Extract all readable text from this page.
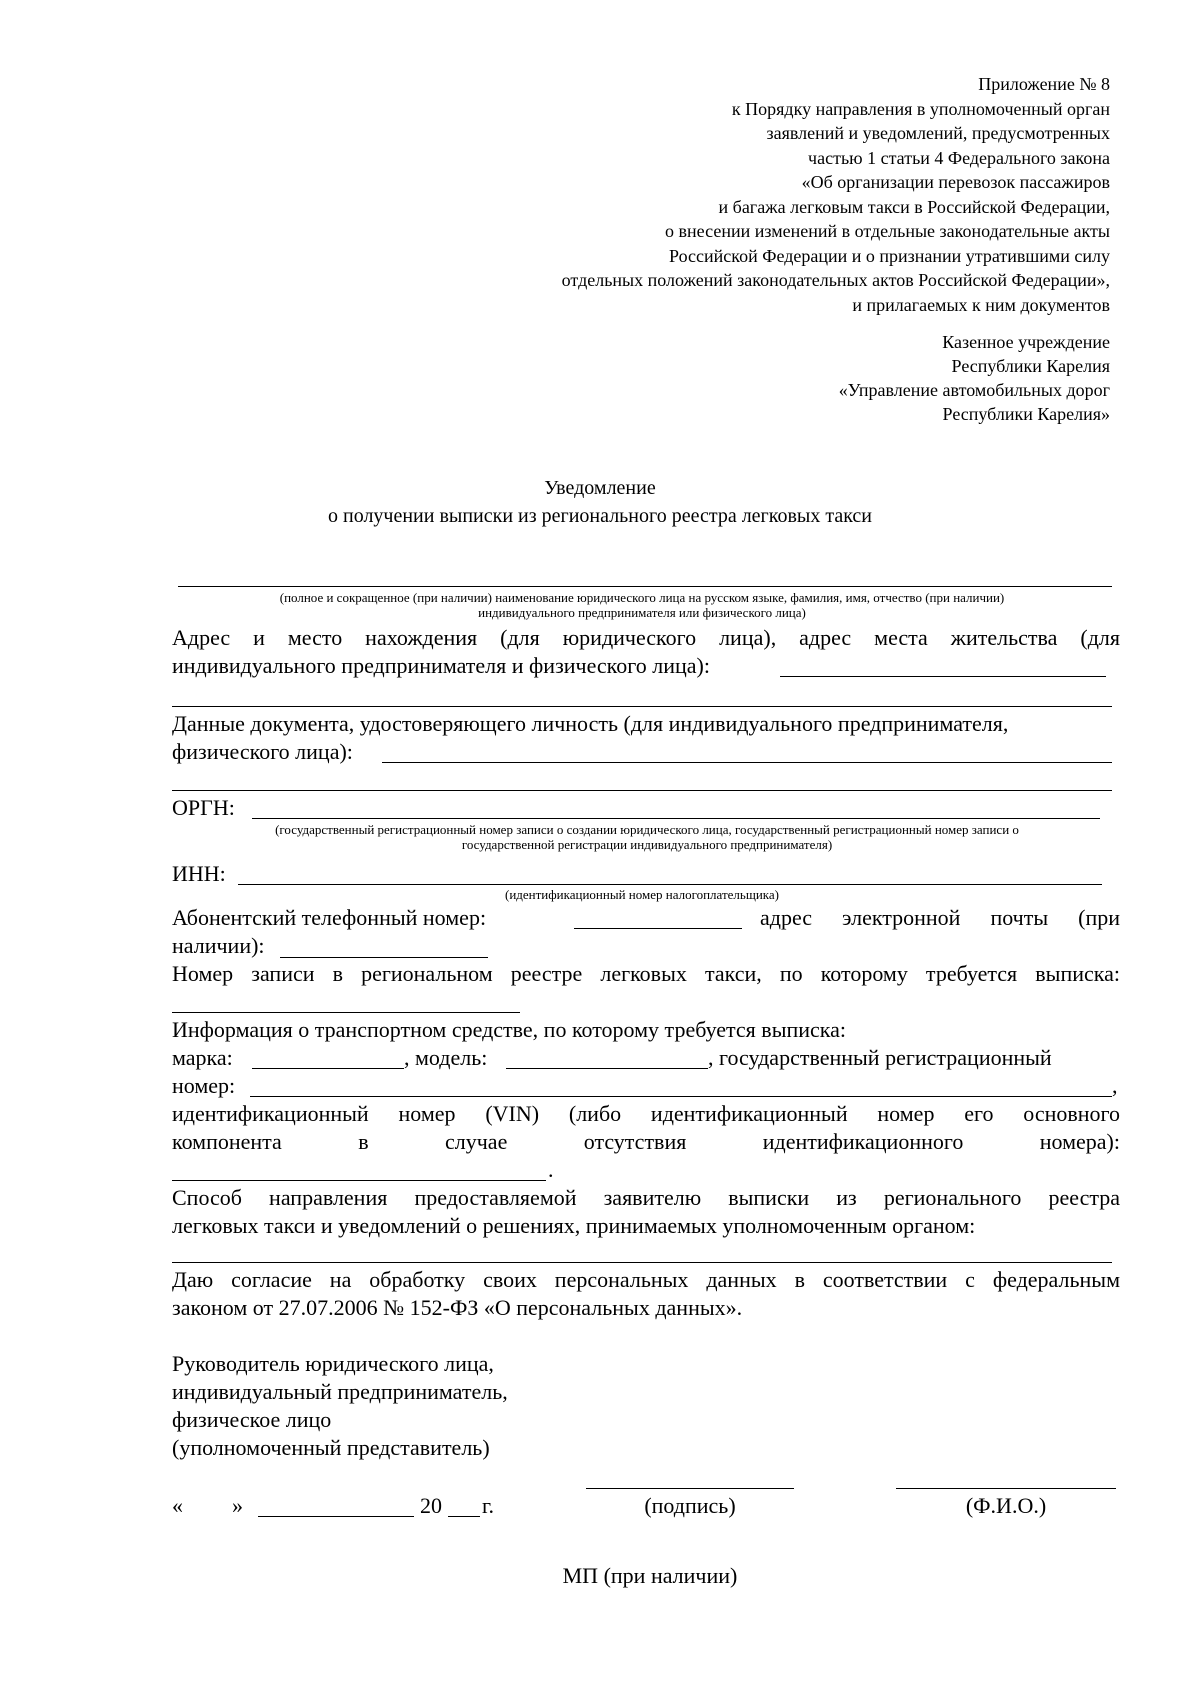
Приложение № 8
к Порядку направления в уполномоченный орган
заявлений и уведомлений, предусмотренных
частью 1 статьи 4 Федерального закона
«Об организации перевозок пассажиров
и багажа легковым такси в Российской Федерации,
о внесении изменений в отдельные законодательные акты
Российской Федерации и о признании утратившими силу
отдельных положений законодательных актов Российской Федерации»,
и прилагаемых к ним документов
Казенное учреждение
Республики Карелия
«Управление автомобильных дорог
Республики Карелия»
Уведомление
о получении выписки из регионального реестра легковых такси
(полное и сокращенное (при наличии) наименование юридического лица на русском языке, фамилия, имя, отчество (при наличии)
индивидуального предпринимателя или физического лица)
Адрес и место нахождения (для юридического лица), адрес места жительства (для
индивидуального предпринимателя и физического лица):
Данные документа, удостоверяющего личность (для индивидуального предпринимателя,
физического лица):
ОРГН:
(государственный регистрационный номер записи о создании юридического лица, государственный регистрационный номер записи о
государственной регистрации индивидуального предпринимателя)
ИНН:
(идентификационный номер налогоплательщика)
Абонентский телефонный номер:	адрес электронной почты (при
наличии):
Номер записи в региональном реестре легковых такси, по которому требуется выписка:
Информация о транспортном средстве, по которому требуется выписка:
марка:	, модель:	, государственный регистрационный
номер:	,
идентификационный номер (VIN) (либо идентификационный номер его основного
компонента в случае отсутствия идентификационного номера):
.
Способ направления предоставляемой заявителю выписки из регионального реестра
легковых такси и уведомлений о решениях, принимаемых уполномоченным органом:
Даю согласие на обработку своих персональных данных в соответствии с федеральным
законом от 27.07.2006 № 152-ФЗ «О персональных данных».
Руководитель юридического лица,
индивидуальный предприниматель,
физическое лицо
(уполномоченный представитель)
«	»	20	г.	(подпись)	(Ф.И.О.)
МП (при наличии)
